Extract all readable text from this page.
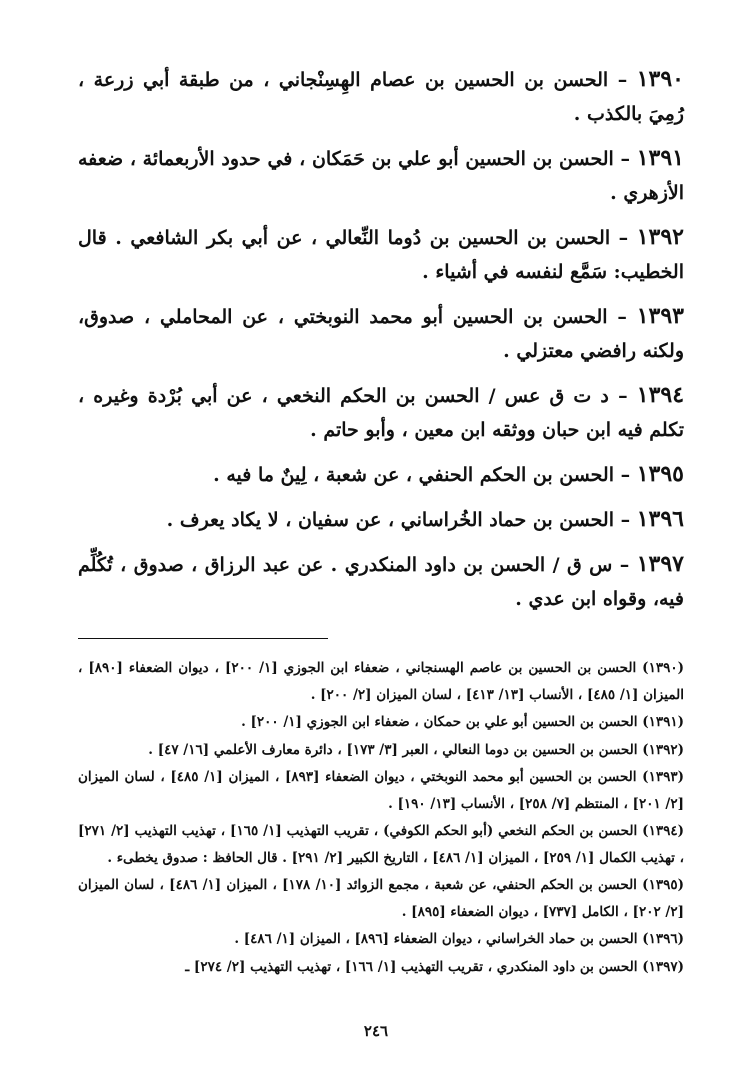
١٣٩٠ – الحسن بن الحسين بن عصام الهِسِنْجاني ، من طبقة أبي زرعة ، رُمِيَ بالكذب .

١٣٩١ – الحسن بن الحسين أبو علي بن حَمَكان ، في حدود الأربعمائة ، ضعفه الأزهري .

١٣٩٢ – الحسن بن الحسين بن دُوما النِّعالي ، عن أبي بكر الشافعي . قال الخطيب: سَمَّع لنفسه في أشياء .

١٣٩٣ – الحسن بن الحسين أبو محمد النوبختي ، عن المحاملي ، صدوق، ولكنه رافضي معتزلي .

١٣٩٤ – د ت ق عس / الحسن بن الحكم النخعي ، عن أبي بُرْدة وغيره ، تكلم فيه ابن حبان ووثقه ابن معين ، وأبو حاتم .

١٣٩٥ – الحسن بن الحكم الحنفي ، عن شعبة ، لِينٌ ما فيه .

١٣٩٦ – الحسن بن حماد الخُراساني ، عن سفيان ، لا يكاد يعرف .

١٣٩٧ – س ق / الحسن بن داود المنكدري . عن عبد الرزاق ، صدوق ، تُكُلِّم فيه، وقواه ابن عدي .

(١٣٩٠) الحسن بن الحسين بن عاصم الهسنجاني ، ضعفاء ابن الجوزي [١/ ٢٠٠] ، ديوان الضعفاء [٨٩٠] ، الميزان [١/ ٤٨٥] ، الأنساب [١٣/ ٤١٣] ، لسان الميزان [٢/ ٢٠٠] .

(١٣٩١) الحسن بن الحسين أبو علي بن حمكان ، ضعفاء ابن الجوزي [١/ ٢٠٠] .

(١٣٩٢) الحسن بن الحسين بن دوما النعالي ، العبر [٣/ ١٧٣] ، دائرة معارف الأعلمي [١٦/ ٤٧] .

(١٣٩٣) الحسن بن الحسين أبو محمد النوبختي ، ديوان الضعفاء [٨٩٣] ، الميزان [١/ ٤٨٥] ، لسان الميزان [٢/ ٢٠١] ، المنتظم [٧/ ٢٥٨] ، الأنساب [١٣/ ١٩٠] .

(١٣٩٤) الحسن بن الحكم النخعي (أبو الحكم الكوفي) ، تقريب التهذيب [١/ ١٦٥] ، تهذيب التهذيب [٢/ ٢٧١] ، تهذيب الكمال [١/ ٢٥٩] ، الميزان [١/ ٤٨٦] ، التاريخ الكبير [٢/ ٢٩١] . قال الحافظ : صدوق يخطىء .

(١٣٩٥) الحسن بن الحكم الحنفي، عن شعبة ، مجمع الزوائد [١٠/ ١٧٨] ، الميزان [١/ ٤٨٦] ، لسان الميزان [٢/ ٢٠٢] ، الكامل [٧٣٧] ، ديوان الضعفاء [٨٩٥] .

(١٣٩٦) الحسن بن حماد الخراساني ، ديوان الضعفاء [٨٩٦] ، الميزان [١/ ٤٨٦] .

(١٣٩٧) الحسن بن داود المنكدري ، تقريب التهذيب [١/ ١٦٦] ، تهذيب التهذيب [٢/ ٢٧٤] ـ

٢٤٦
